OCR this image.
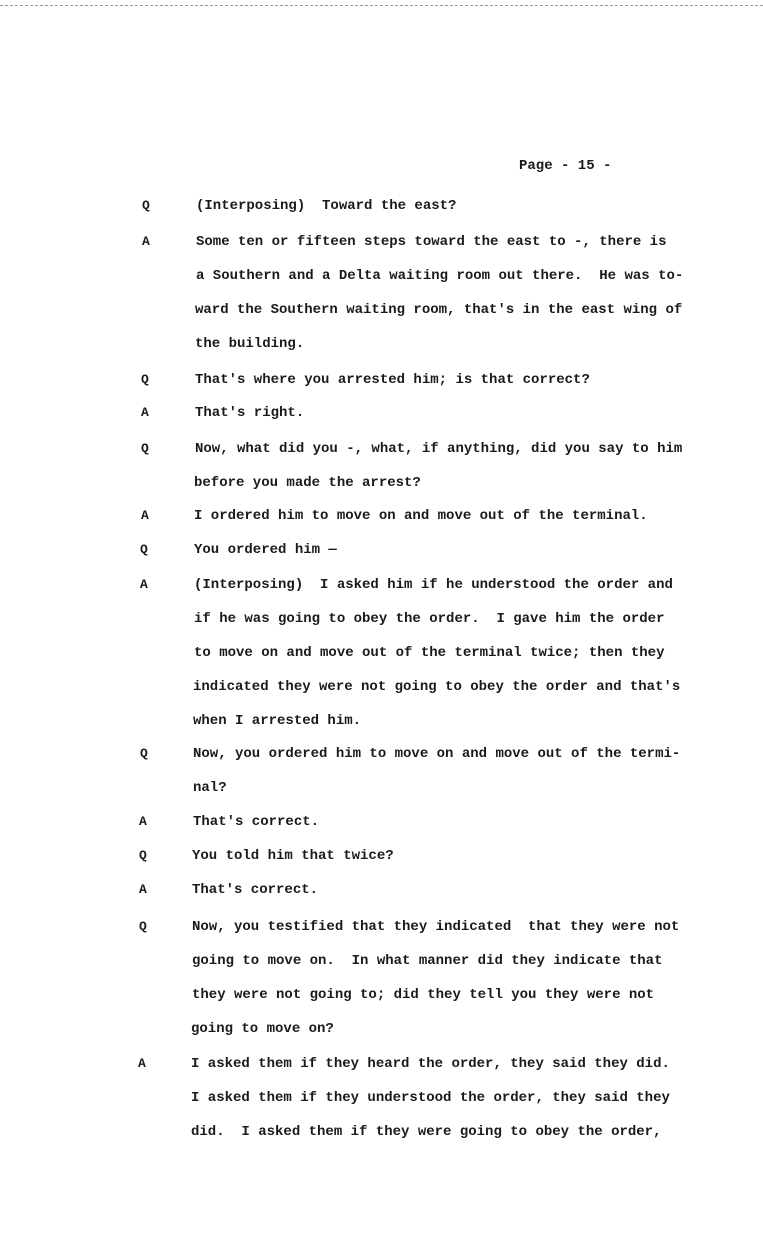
Page - 15 -
Q	(Interposing)  Toward the east?
A	Some ten or fifteen steps toward the east to -, there is
a Southern and a Delta waiting room out there.  He was to-
ward the Southern waiting room, that's in the east wing of
the building.
Q	That's where you arrested him; is that correct?
A	That's right.
Q	Now, what did you -, what, if anything, did you say to him
before you made the arrest?
A	I ordered him to move on and move out of the terminal.
Q	You ordered him —
A	(Interposing)  I asked him if he understood the order and
if he was going to obey the order.  I gave him the order
to move on and move out of the terminal twice; then they
indicated they were not going to obey the order and that's
when I arrested him.
Q	Now, you ordered him to move on and move out of the termi-
nal?
A	That's correct.
Q	You told him that twice?
A	That's correct.
Q	Now, you testified that they indicated  that they were not
going to move on.  In what manner did they indicate that
they were not going to; did they tell you they were not
going to move on?
A	I asked them if they heard the order, they said they did.
I asked them if they understood the order, they said they
did.  I asked them if they were going to obey the order,
